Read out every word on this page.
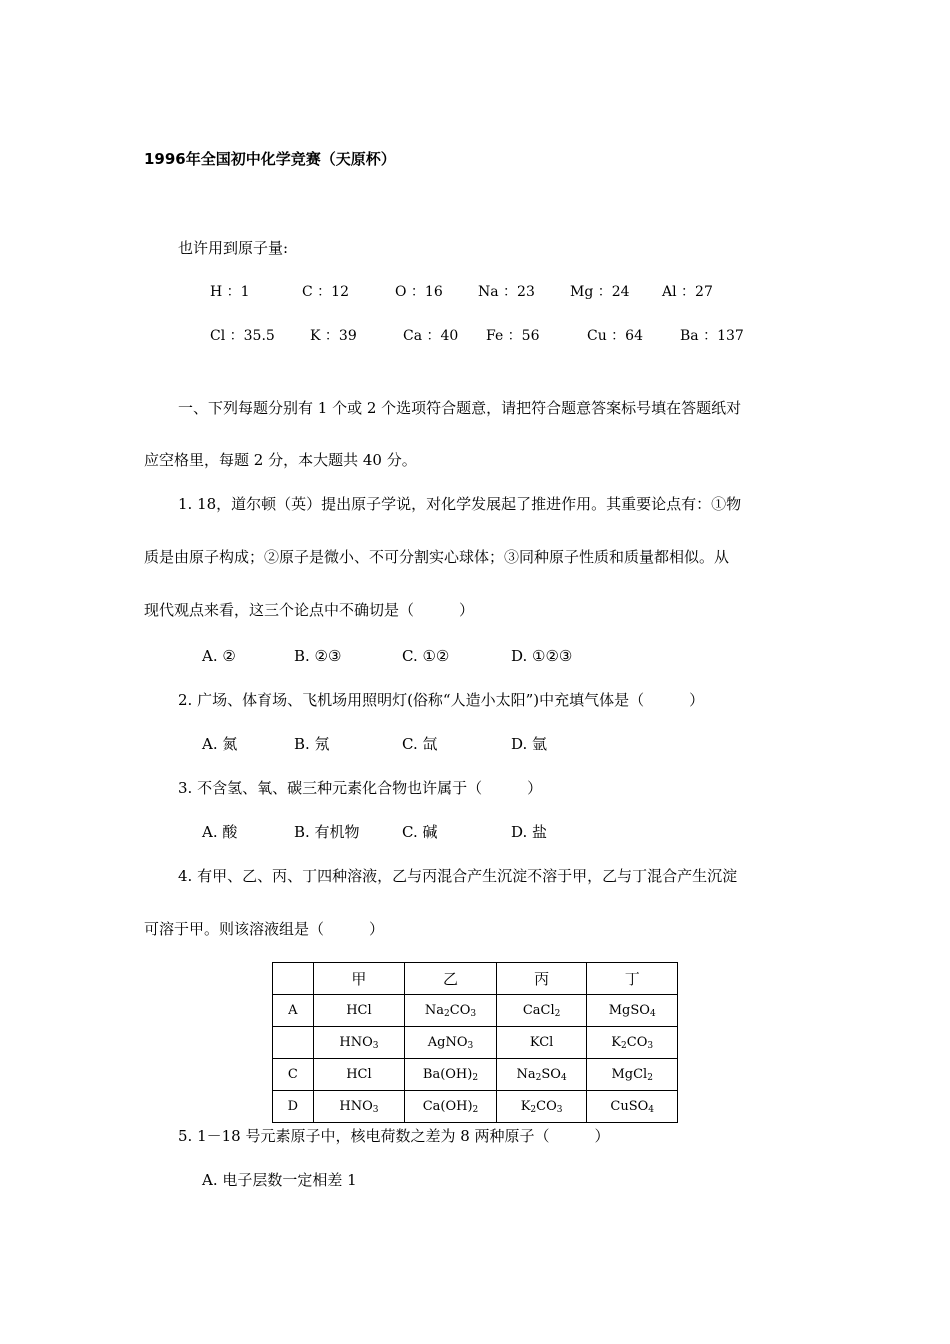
1996年全国初中化学竞赛（天原杯）
也许用到原子量:
H ：1	C ：12	O ：16	Na ：23	Mg ：24 Al ：27
Cl ：35.5	K ：39	Ca ：40 Fe ：56	Cu ：64	Ba ：137
一、下列每题分别有 1 个或 2 个选项符合题意，请把符合题意答案标号填在答题纸对
应空格里，每题 2 分，本大题共 40 分。
1. 18，道尔顿（英）提出原子学说，对化学发展起了推进作用。其重要论点有：①物
质是由原子构成；②原子是微小、不可分割实心球体；③同种原子性质和质量都相似。从
现代观点来看，这三个论点中不确切是（　　　）
A. ②	B. ②③	C. ①②	D. ①②③
2. 广场、体育场、飞机场用照明灯(俗称“人造小太阳”)中充填气体是（　　　）
A. 氮	B. 氖	C. 氙	D. 氩
3. 不含氢、氧、碳三种元素化合物也许属于（　　　）
A. 酸	B. 有机物	C. 碱	D. 盐
4. 有甲、乙、丙、丁四种溶液，乙与丙混合产生沉淀不溶于甲，乙与丁混合产生沉淀
可溶于甲。则该溶液组是（　　　）
	甲	乙	丙	丁
A	HCl	$Na_2CO_3$	CaCl$_2$	MgSO$_4$
	$HNO_3$	AgNO$_3$	KCl	$K_2CO_3$
C	HCl	$Ba(OH)_2$	$Na_2SO_4$	MgCl$_2$
D	$HNO_3$	$Ca(OH)_2$	$K_2CO_3$	CuSO$_4$
5. 1－18 号元素原子中，核电荷数之差为 8 两种原子（　　　）
A. 电子层数一定相差 1
